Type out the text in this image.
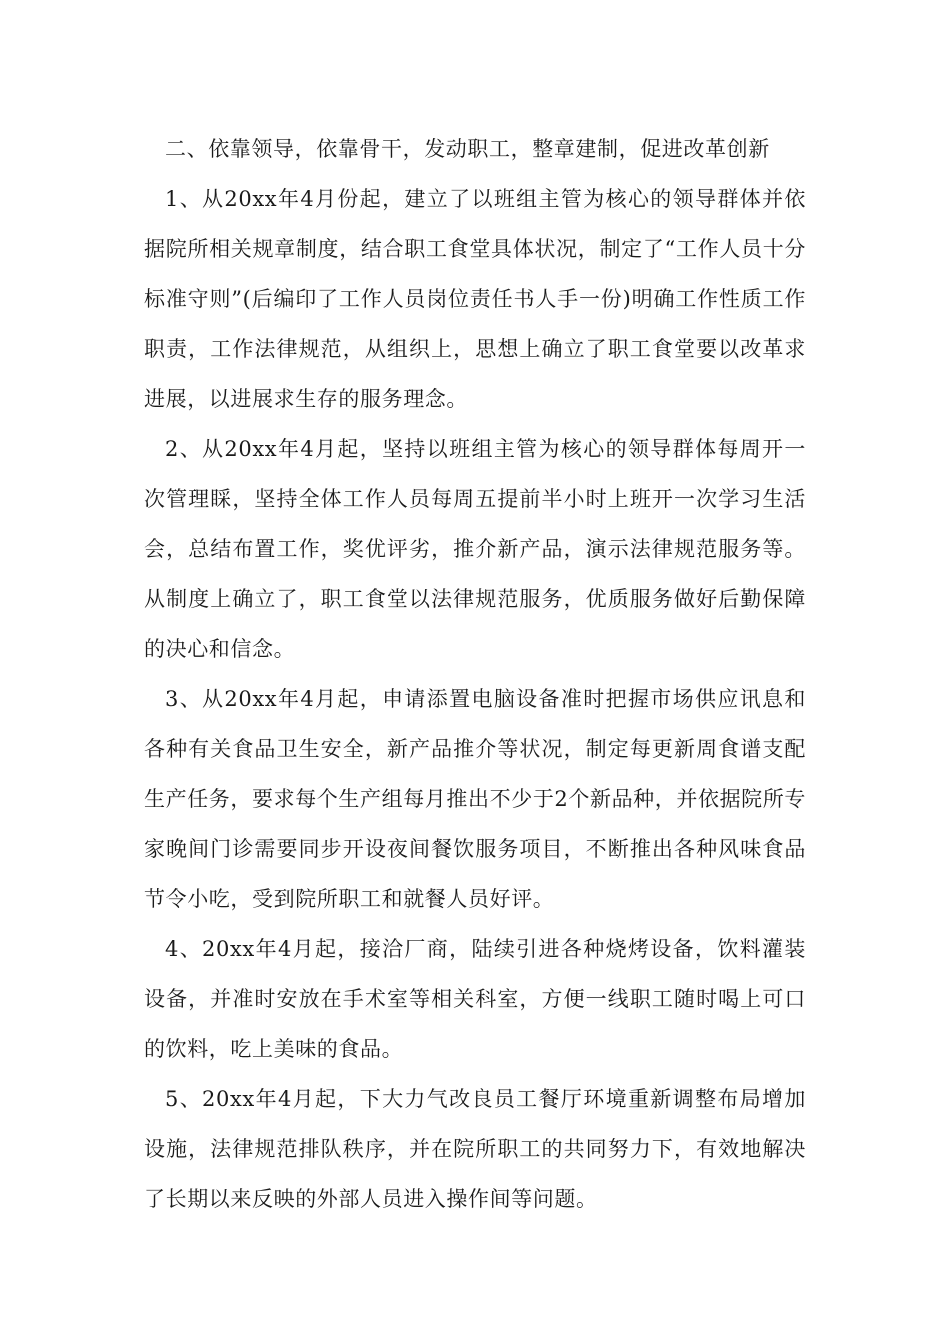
二、依靠领导，依靠骨干，发动职工，整章建制，促进改革创新

1、从20xx年4月份起，建立了以班组主管为核心的领导群体并依据院所相关规章制度，结合职工食堂具体状况，制定了“工作人员十分标准守则”(后编印了工作人员岗位责任书人手一份)明确工作性质工作职责，工作法律规范，从组织上，思想上确立了职工食堂要以改革求进展，以进展求生存的服务理念。

2、从20xx年4月起，坚持以班组主管为核心的领导群体每周开一次管理睬，坚持全体工作人员每周五提前半小时上班开一次学习生活会，总结布置工作，奖优评劣，推介新产品，演示法律规范服务等。从制度上确立了，职工食堂以法律规范服务，优质服务做好后勤保障的决心和信念。

3、从20xx年4月起，申请添置电脑设备准时把握市场供应讯息和各种有关食品卫生安全，新产品推介等状况，制定每更新周食谱支配生产任务，要求每个生产组每月推出不少于2个新品种，并依据院所专家晚间门诊需要同步开设夜间餐饮服务项目，不断推出各种风味食品节令小吃，受到院所职工和就餐人员好评。

4、20xx年4月起，接洽厂商，陆续引进各种烧烤设备，饮料灌装设备，并准时安放在手术室等相关科室，方便一线职工随时喝上可口的饮料，吃上美味的食品。

5、20xx年4月起，下大力气改良员工餐厅环境重新调整布局增加设施，法律规范排队秩序，并在院所职工的共同努力下，有效地解决了长期以来反映的外部人员进入操作间等问题。
